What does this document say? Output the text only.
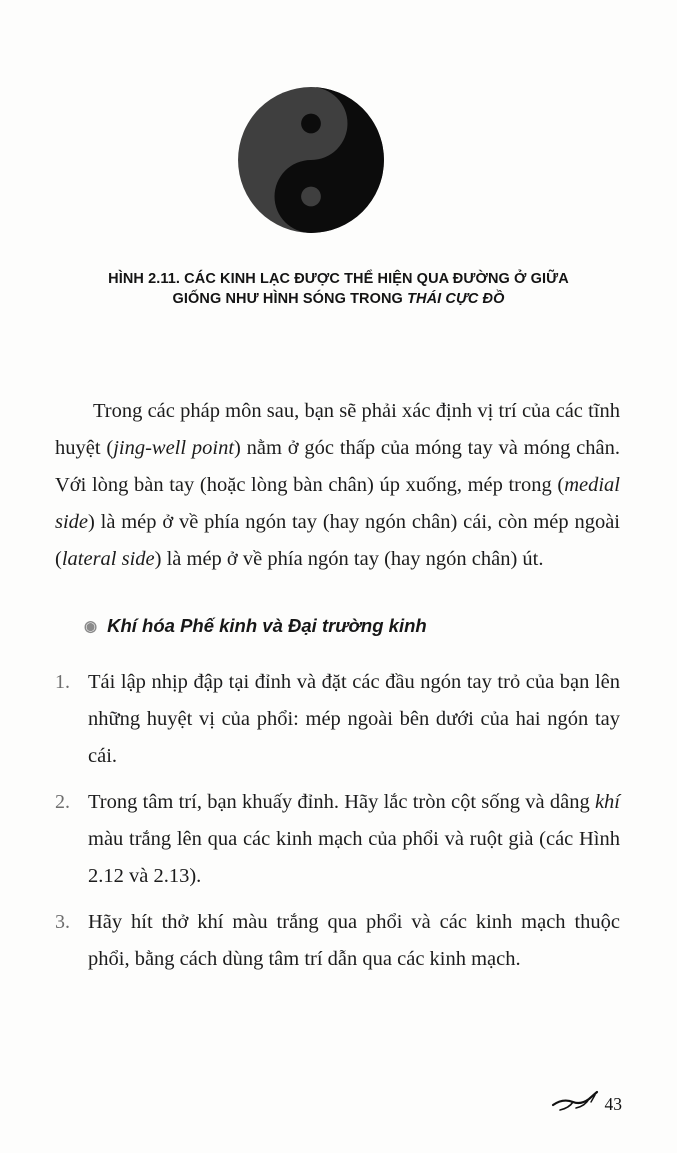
HÌNH 2.11. CÁC KINH LẠC ĐƯỢC THỂ HIỆN QUA ĐƯỜNG Ở GIỮA
GIỐNG NHƯ HÌNH SÓNG TRONG THÁI CỰC ĐỒ

Trong các pháp môn sau, bạn sẽ phải xác định vị trí của các tĩnh huyệt (jing-well point) nằm ở góc thấp của móng tay và móng chân. Với lòng bàn tay (hoặc lòng bàn chân) úp xuống, mép trong (medial side) là mép ở về phía ngón tay (hay ngón chân) cái, còn mép ngoài (lateral side) là mép ở về phía ngón tay (hay ngón chân) út.

◉ Khí hóa Phế kinh và Đại trường kinh
1. Tái lập nhịp đập tại đỉnh và đặt các đầu ngón tay trỏ của bạn lên những huyệt vị của phổi: mép ngoài bên dưới của hai ngón tay cái.
2. Trong tâm trí, bạn khuấy đỉnh. Hãy lắc tròn cột sống và dâng khí màu trắng lên qua các kinh mạch của phổi và ruột già (các Hình 2.12 và 2.13).
3. Hãy hít thở khí màu trắng qua phổi và các kinh mạch thuộc phổi, bằng cách dùng tâm trí dẫn qua các kinh mạch.
43
